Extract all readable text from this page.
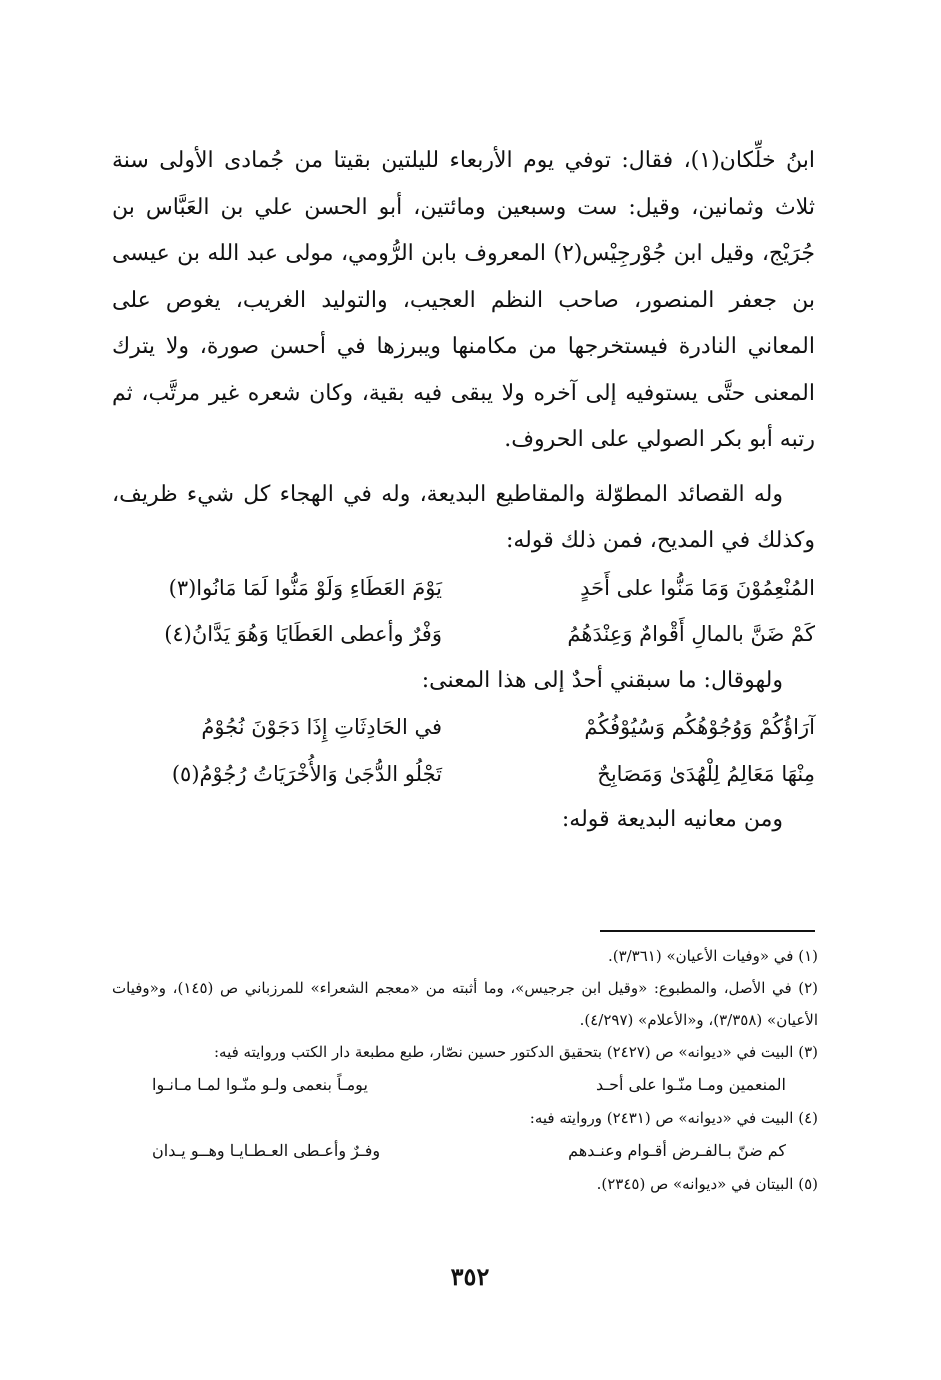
ابنُ خلِّكان(١)، فقال: توفي يوم الأربعاء لليلتين بقيتا من جُمادى الأولى سنة ثلاث وثمانين، وقيل: ست وسبعين ومائتين، أبو الحسن علي بن العَبَّاس بن جُرَيْج، وقيل ابن جُوْرجِيْس(٢) المعروف بابن الرُّومي، مولى عبد الله بن عيسى بن جعفر المنصور، صاحب النظم العجيب، والتوليد الغريب، يغوص على المعاني النادرة فيستخرجها من مكامنها ويبرزها في أحسن صورة، ولا يترك المعنى حتَّى يستوفيه إلى آخره ولا يبقى فيه بقية، وكان شعره غير مرتَّب، ثم رتبه أبو بكر الصولي على الحروف.

وله القصائد المطوّلة والمقاطيع البديعة، وله في الهجاء كل شيء ظريف، وكذلك في المديح، فمن ذلك قوله:

المُنْعِمُوْنَ وَمَا مَنُّوا على أَحَدٍ
يَوْمَ العَطَاءِ وَلَوْ مَنُّوا لَمَا مَانُوا(٣)
كَمْ ضَنَّ بالمالِ أَقْوامٌ وَعِنْدَهُمُ
وَفْرٌ وأعطى العَطَايَا وَهُوَ يَدَّانُ(٤)

ولهوقال: ما سبقني أحدٌ إلى هذا المعنى:

آرَاؤُكُمْ وَوُجُوْهُكُم وَسُيُوْفُكُمْ
في الحَادِثَاتِ إِذَا دَجَوْنَ نُجُوْمُ
مِنْهَا مَعَالِمُ لِلْهُدَىٰ وَمَصَابِحٌ
تَجْلُو الدُّجَىٰ وَالأُخْرَيَاتُ رُجُوْمُ(٥)

ومن معانيه البديعة قوله:

(١) في «وفيات الأعيان» (٣/٣٦١).

(٢) في الأصل، والمطبوع: «وقيل ابن جرجيس»، وما أثبته من «معجم الشعراء» للمرزباني ص (١٤٥)، و«وفيات الأعيان» (٣/٣٥٨)، و«الأعلام» (٤/٢٩٧).

(٣) البيت في «ديوانه» ص (٢٤٢٧) بتحقيق الدكتور حسين نصّار، طبع مطبعة دار الكتب وروايته فيه:

المنعمين ومـا منّـوا على أحـد
يومـاً بنعمى ولـو منّـوا لمـا مـانـوا

(٤) البيت في «ديوانه» ص (٢٤٣١) وروايته فيه:

كم ضنّ بـالفـرض أقـوام وعنـدهم
وفـرٌ وأعـطى العـطـايـا وهــو يـدان

(٥) البيتان في «ديوانه» ص (٢٣٤٥).

٣٥٢
